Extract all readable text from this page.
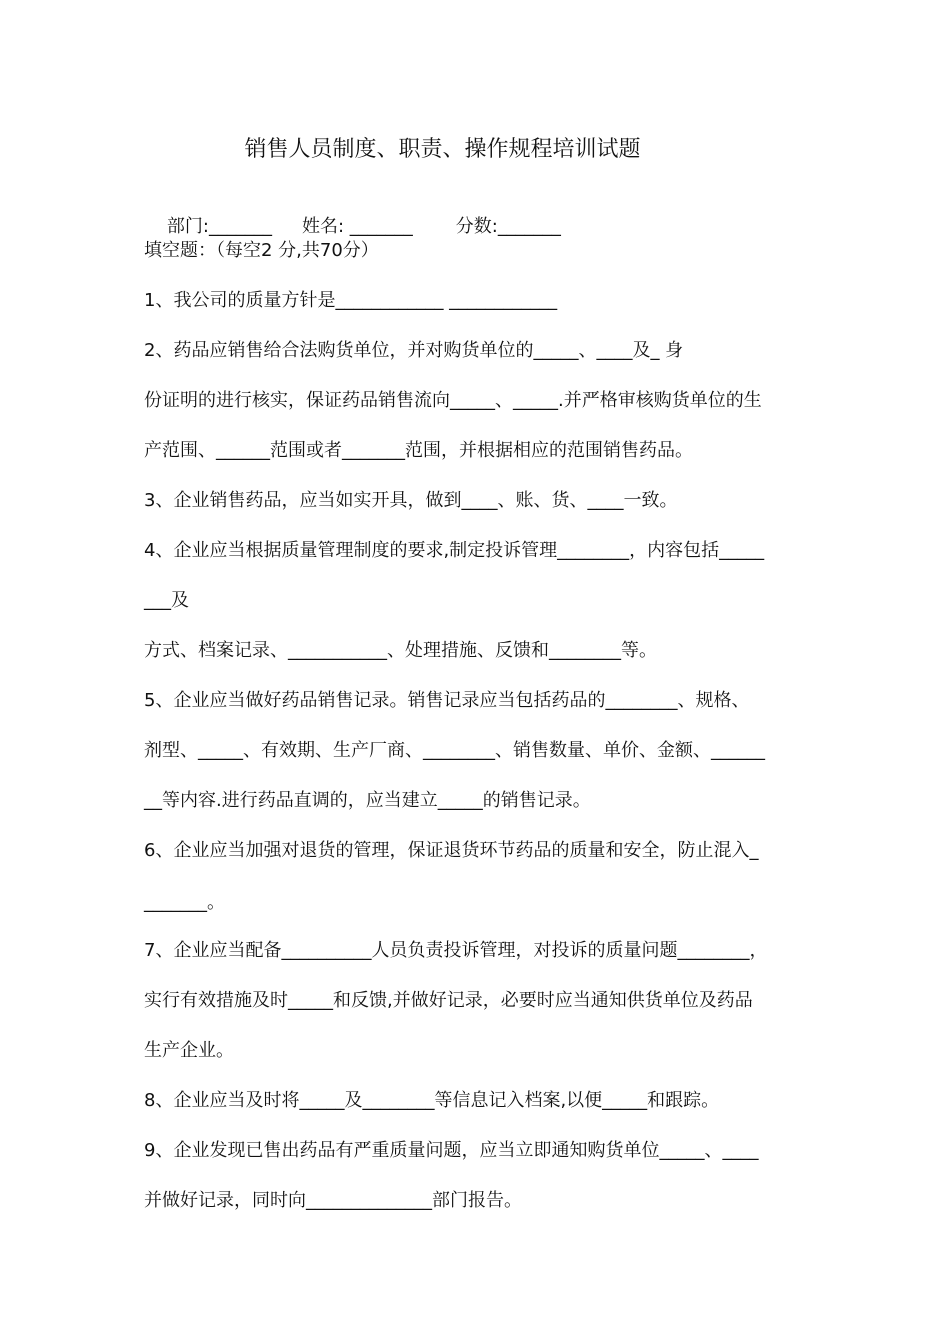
销售人员制度、职责、操作规程培训试题

部门:_______ 姓名: _______ 分数:_______

填空题：（每空2 分,共70分）
1、我公司的质量方针是____________ ____________
2、药品应销售给合法购货单位，并对购货单位的_____、____及_ 身
份证明的进行核实，保证药品销售流向_____、_____.并严格审核购货单位的生
产范围、______范围或者_______范围，并根据相应的范围销售药品。
3、企业销售药品，应当如实开具，做到____、账、货、____一致。
4、企业应当根据质量管理制度的要求,制定投诉管理________，内容包括_____
___及
方式、档案记录、___________、处理措施、反馈和________等。
5、企业应当做好药品销售记录。销售记录应当包括药品的________、规格、
剂型、_____、有效期、生产厂商、________、销售数量、单价、金额、______
__等内容.进行药品直调的，应当建立_____的销售记录。
6、企业应当加强对退货的管理，保证退货环节药品的质量和安全，防止混入_
_______。
7、企业应当配备__________人员负责投诉管理，对投诉的质量问题________，
实行有效措施及时_____和反馈,并做好记录，必要时应当通知供货单位及药品
生产企业。
8、企业应当及时将_____及________等信息记入档案,以便_____和跟踪。
9、企业发现已售出药品有严重质量问题，应当立即通知购货单位_____、____
并做好记录，同时向______________部门报告。
